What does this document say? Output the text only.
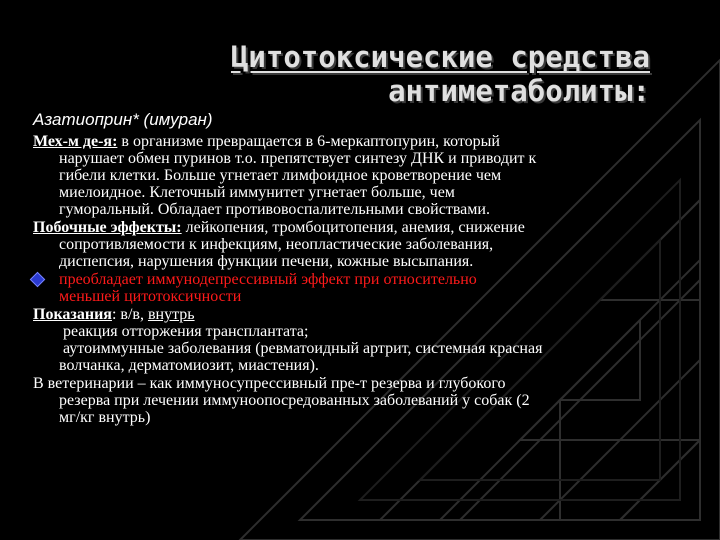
Цитотоксические средства
антиметаболиты:
Азатиоприн* (имуран)
Мех-м де-я: в организме превращается в 6-меркаптопурин, который
нарушает обмен пуринов т.о. препятствует синтезу ДНК и приводит к
гибели клетки. Больше угнетает лимфоидное кроветворение чем
миелоидное. Клеточный иммунитет угнетает больше, чем
гуморальный. Обладает противовоспалительными свойствами.
Побочные эффекты: лейкопения, тромбоцитопения, анемия, снижение
сопротивляемости к инфекциям, неопластические заболевания,
диспепсия, нарушения функции печени, кожные высыпания.
преобладает иммунодепрессивный эффект при относительно
меньшей цитотоксичности
Показания: в/в, внутрь
реакция отторжения трансплантата;
аутоиммунные заболевания (ревматоидный артрит, системная красная
волчанка, дерматомиозит, миастения).
В ветеринарии – как иммуносупрессивный пре-т резерва и глубокого
резерва при лечении иммуноопосредованных заболеваний у собак (2
мг/кг внутрь)
